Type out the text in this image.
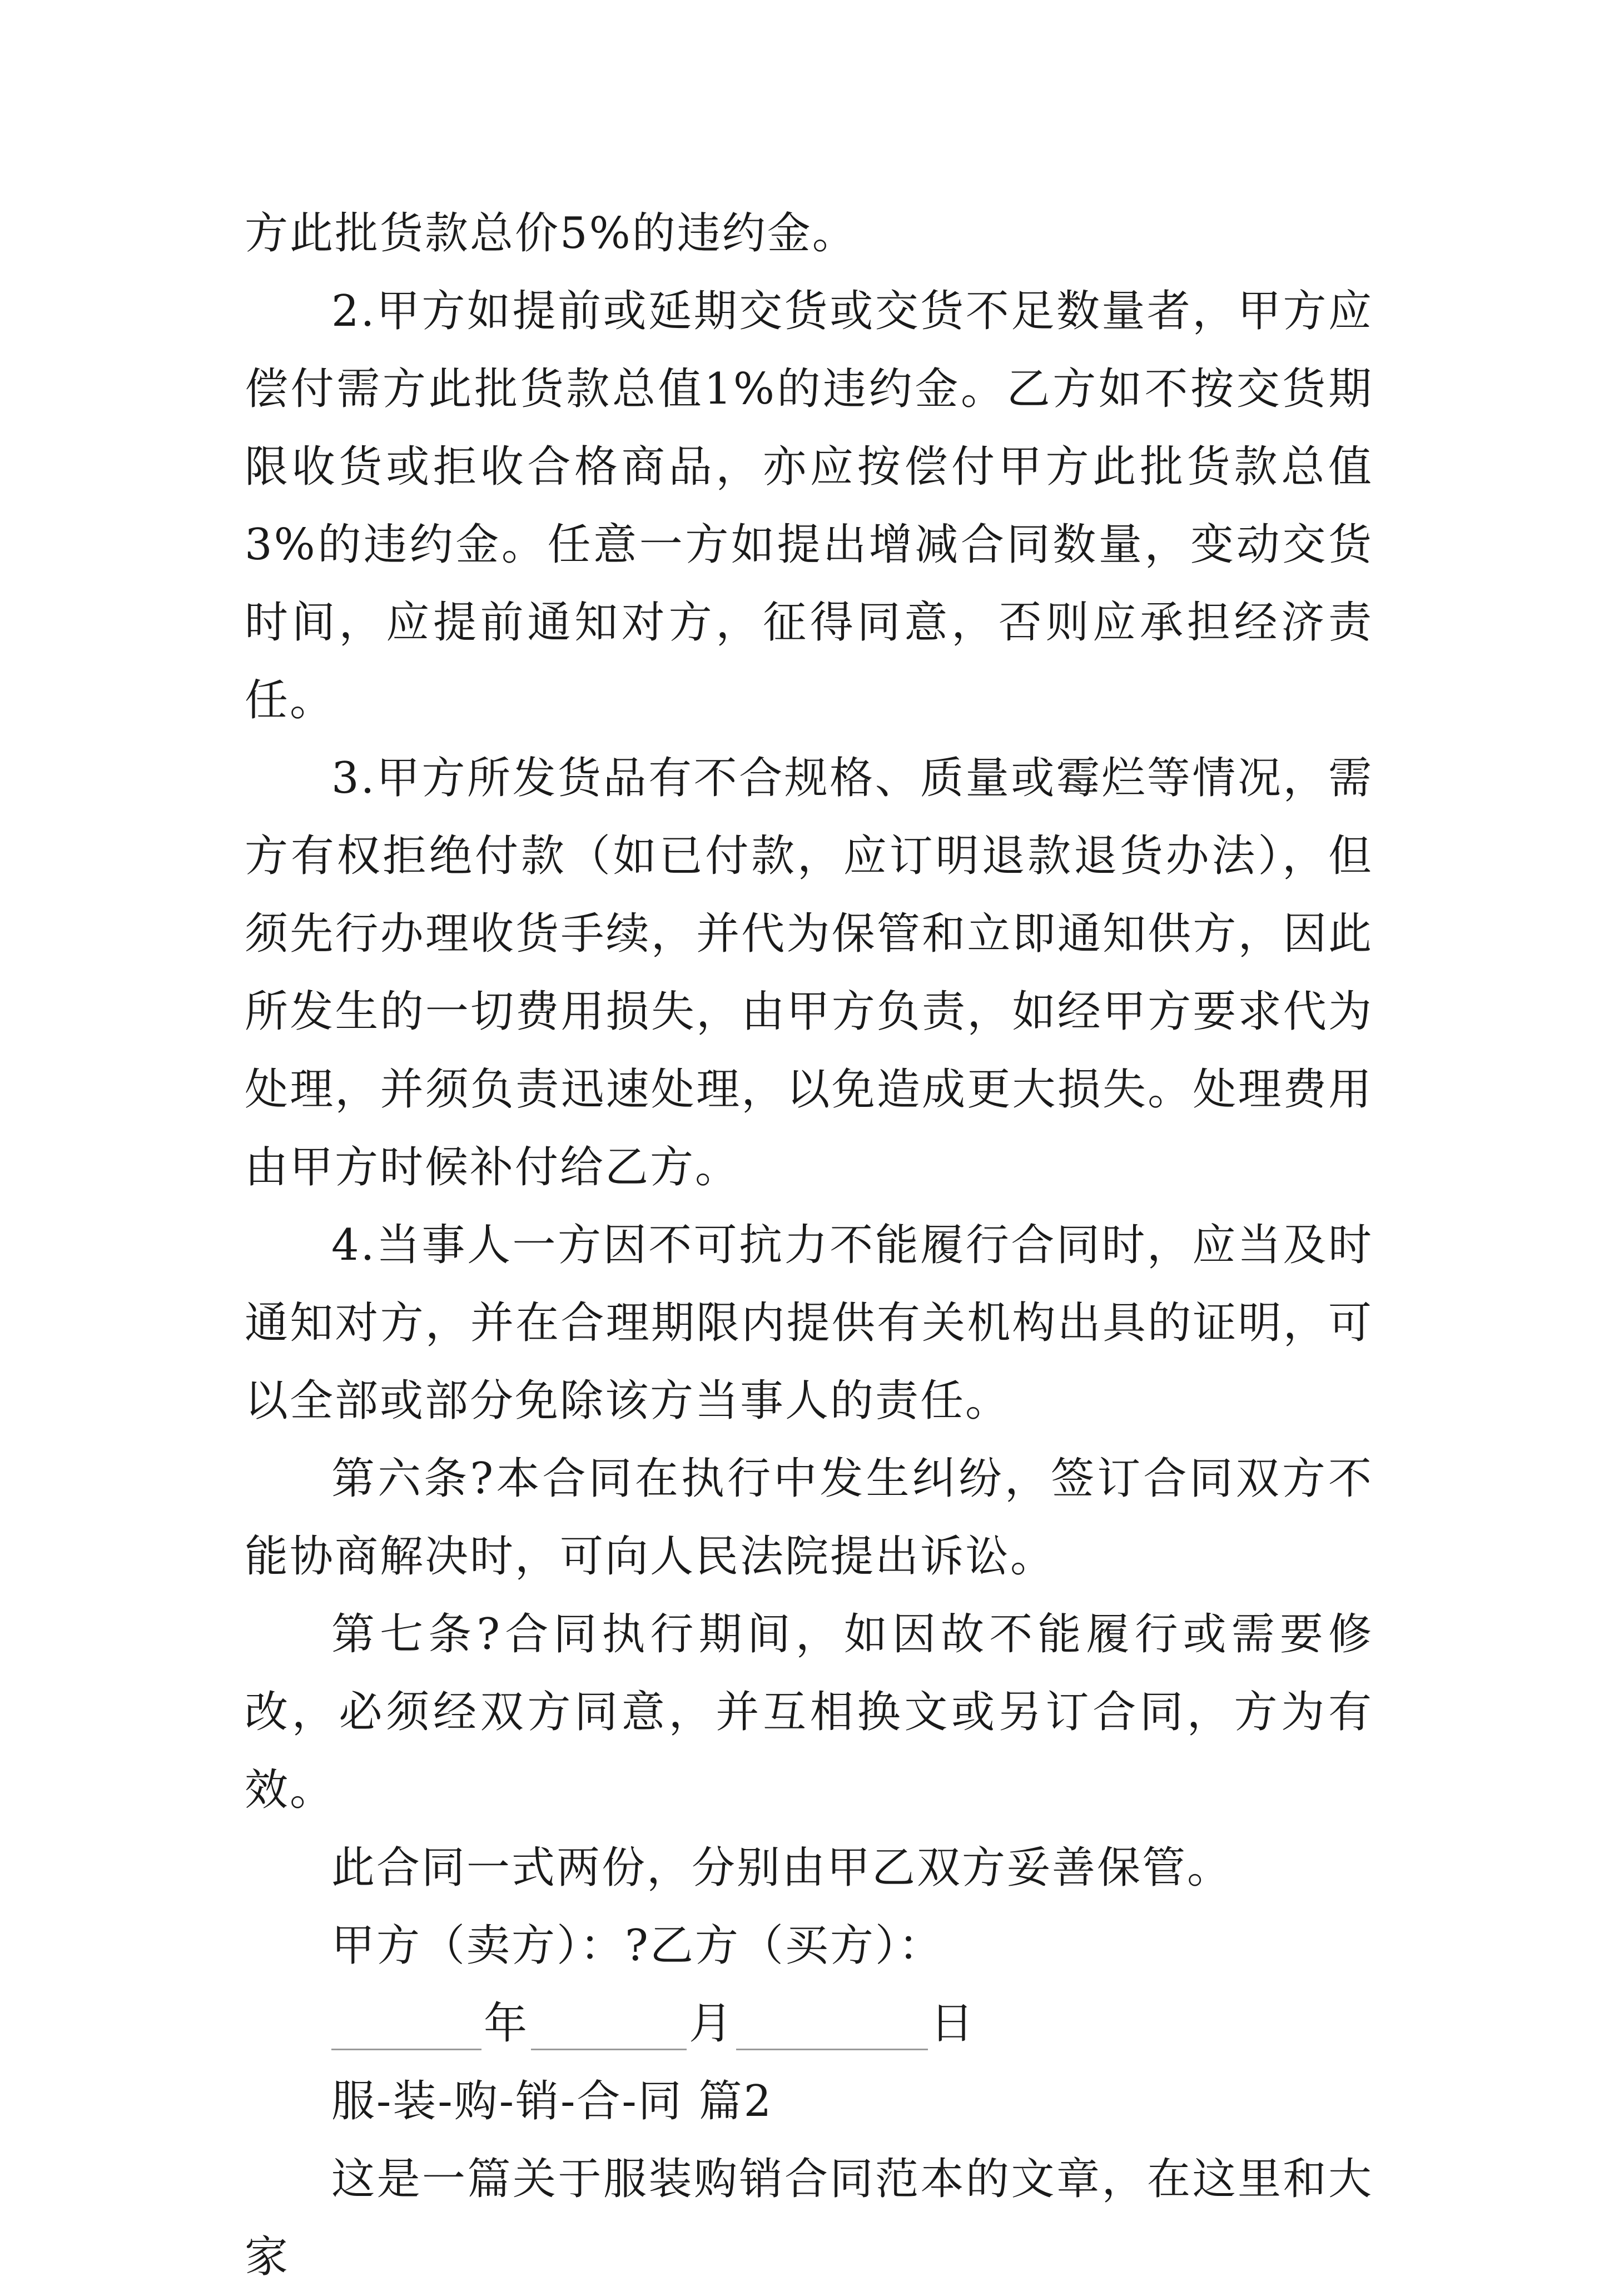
方此批货款总价5%的违约金。

2.甲方如提前或延期交货或交货不足数量者，甲方应偿付需方此批货款总值1%的违约金。乙方如不按交货期限收货或拒收合格商品，亦应按偿付甲方此批货款总值3%的违约金。任意一方如提出增减合同数量，变动交货时间，应提前通知对方，征得同意，否则应承担经济责任。

3.甲方所发货品有不合规格、质量或霉烂等情况，需方有权拒绝付款（如已付款，应订明退款退货办法），但须先行办理收货手续，并代为保管和立即通知供方，因此所发生的一切费用损失，由甲方负责，如经甲方要求代为处理，并须负责迅速处理，以免造成更大损失。处理费用由甲方时候补付给乙方。

4.当事人一方因不可抗力不能履行合同时，应当及时通知对方，并在合理期限内提供有关机构出具的证明，可以全部或部分免除该方当事人的责任。

第六条?本合同在执行中发生纠纷，签订合同双方不能协商解决时，可向人民法院提出诉讼。

第七条?合同执行期间，如因故不能履行或需要修改，必须经双方同意，并互相换文或另订合同，方为有效。

此合同一式两份，分别由甲乙双方妥善保管。

甲方（卖方）：?乙方（买方）：

年	月	日

服-装-购-销-合-同 篇2

这是一篇关于服装购销合同范本的文章，在这里和大家
